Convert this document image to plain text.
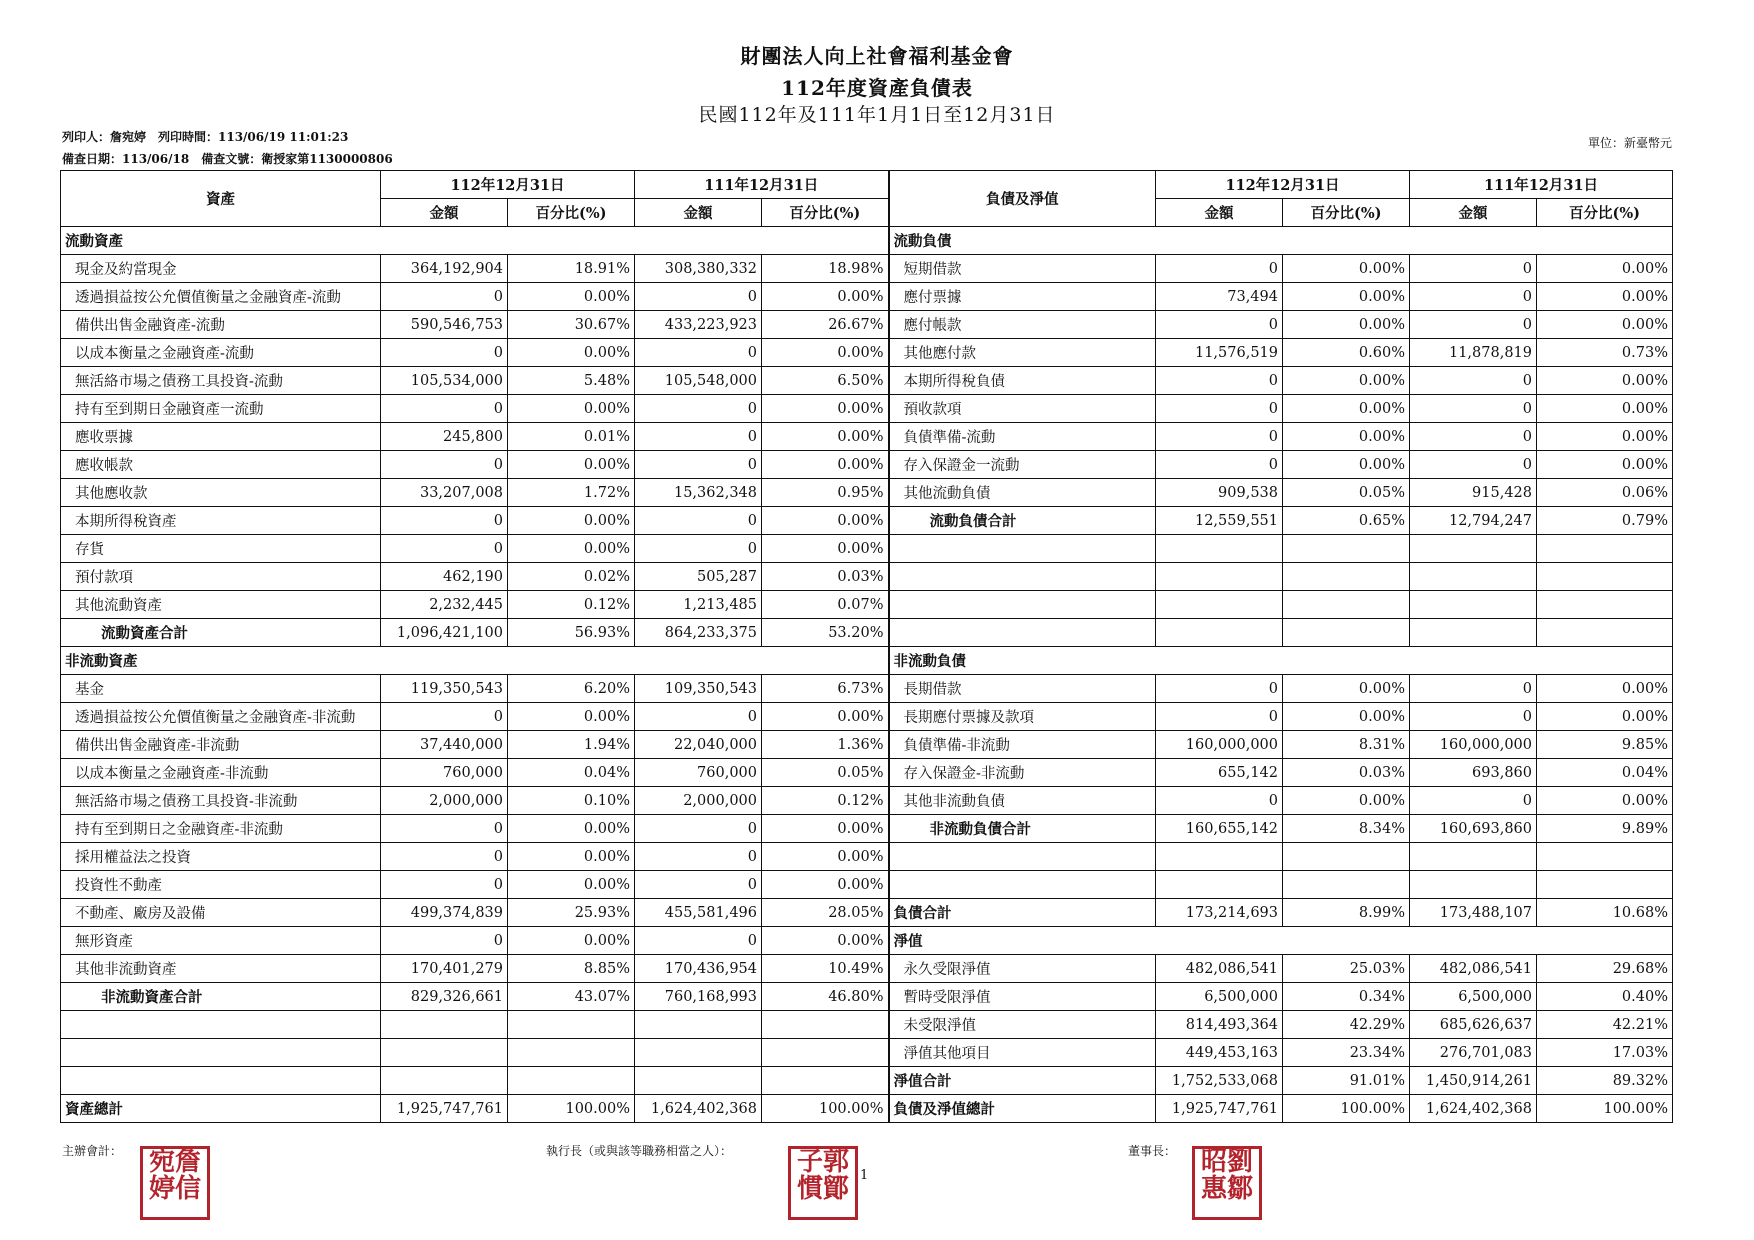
財團法人向上社會福利基金會
112年度資產負債表
民國112年及111年1月1日至12月31日
列印人：詹宛婷　列印時間：113/06/19 11:01:23
備查日期：113/06/18　備查文號：衛授家第1130000806
單位：新臺幣元
資產	112年12月31日		111年12月31日		負債及淨值	112年12月31日		111年12月31日	
	金額	百分比(%)	金額	百分比(%)		金額	百分比(%)	金額	百分比(%)
流動資產					流動負債				
現金及約當現金	364,192,904	18.91%	308,380,332	18.98%	短期借款	0	0.00%	0	0.00%
透過損益按公允價值衡量之金融資產-流動	0	0.00%	0	0.00%	應付票據	73,494	0.00%	0	0.00%
備供出售金融資產-流動	590,546,753	30.67%	433,223,923	26.67%	應付帳款	0	0.00%	0	0.00%
以成本衡量之金融資產-流動	0	0.00%	0	0.00%	其他應付款	11,576,519	0.60%	11,878,819	0.73%
無活絡市場之債務工具投資-流動	105,534,000	5.48%	105,548,000	6.50%	本期所得稅負債	0	0.00%	0	0.00%
持有至到期日金融資產一流動	0	0.00%	0	0.00%	預收款項	0	0.00%	0	0.00%
應收票據	245,800	0.01%	0	0.00%	負債準備-流動	0	0.00%	0	0.00%
應收帳款	0	0.00%	0	0.00%	存入保證金一流動	0	0.00%	0	0.00%
其他應收款	33,207,008	1.72%	15,362,348	0.95%	其他流動負債	909,538	0.05%	915,428	0.06%
本期所得稅資產	0	0.00%	0	0.00%	流動負債合計	12,559,551	0.65%	12,794,247	0.79%
存貨	0	0.00%	0	0.00%					
預付款項	462,190	0.02%	505,287	0.03%					
其他流動資產	2,232,445	0.12%	1,213,485	0.07%					
流動資產合計	1,096,421,100	56.93%	864,233,375	53.20%					
非流動資產					非流動負債				
基金	119,350,543	6.20%	109,350,543	6.73%	長期借款	0	0.00%	0	0.00%
透過損益按公允價值衡量之金融資產-非流動	0	0.00%	0	0.00%	長期應付票據及款項	0	0.00%	0	0.00%
備供出售金融資產-非流動	37,440,000	1.94%	22,040,000	1.36%	負債準備-非流動	160,000,000	8.31%	160,000,000	9.85%
以成本衡量之金融資產-非流動	760,000	0.04%	760,000	0.05%	存入保證金-非流動	655,142	0.03%	693,860	0.04%
無活絡市場之債務工具投資-非流動	2,000,000	0.10%	2,000,000	0.12%	其他非流動負債	0	0.00%	0	0.00%
持有至到期日之金融資產-非流動	0	0.00%	0	0.00%	非流動負債合計	160,655,142	8.34%	160,693,860	9.89%
採用權益法之投資	0	0.00%	0	0.00%					
投資性不動產	0	0.00%	0	0.00%					
不動產、廠房及設備	499,374,839	25.93%	455,581,496	28.05%	負債合計	173,214,693	8.99%	173,488,107	10.68%
無形資產	0	0.00%	0	0.00%	淨值				
其他非流動資產	170,401,279	8.85%	170,436,954	10.49%	永久受限淨值	482,086,541	25.03%	482,086,541	29.68%
非流動資產合計	829,326,661	43.07%	760,168,993	46.80%	暫時受限淨值	6,500,000	0.34%	6,500,000	0.40%
					未受限淨值	814,493,364	42.29%	685,626,637	42.21%
					淨值其他項目	449,453,163	23.34%	276,701,083	17.03%
					淨值合計	1,752,533,068	91.01%	1,450,914,261	89.32%
資產總計	1,925,747,761	100.00%	1,624,402,368	100.00%	負債及淨值總計	1,925,747,761	100.00%	1,624,402,368	100.00%
主辦會計：	執行長（或與該等職務相當之人）：	董事長：
1
宛詹婷信
子郭慣鄮
昭劉惠鄒
